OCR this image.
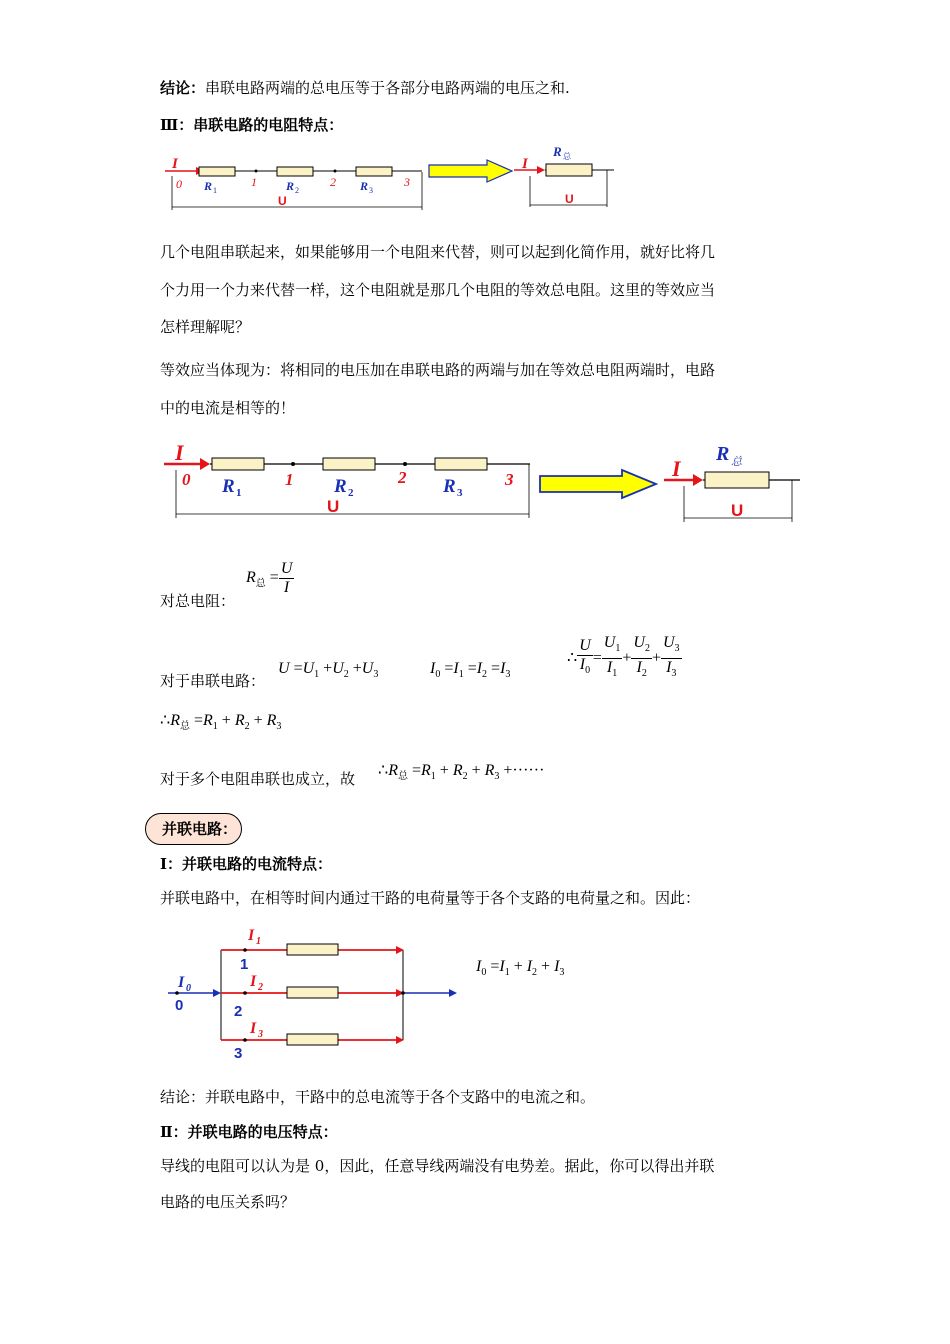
结论：串联电路两端的总电压等于各部分电路两端的电压之和.
Ⅲ：串联电路的电阻特点：
I
0 R 1
1 R 2
2 R 3
3
U
I
R 总
U
I
0 R 1
1 R 2
2 R 3
3
U
I
R 总
U
I 0
0
I 1
1
I 2
2
I 3
3
几个电阻串联起来，如果能够用一个电阻来代替，则可以起到化简作用，就好比将几
个力用一个力来代替一样，这个电阻就是那几个电阻的等效总电阻。这里的等效应当
怎样理解呢？
等效应当体现为：将相同的电压加在串联电路的两端与加在等效总电阻两端时，电路
中的电流是相等的！
对总电阻：
$R_总 = \frac{U}{I}$
对于串联电路：
$U =U_1 +U_2 +U_3$	$I_0 =I_1 =I_2 =I_3$
∴ $\frac{U}{I_0} = \frac{U_1}{I_1} + \frac{U_2}{I_2} + \frac{U_3}{I_3}$
$\therefore R_总 =R_1 + R_2 + R_3$
对于多个电阻串联也成立，故 $\therefore R_总 =R_1 + R_2 + R_3$ +······
并联电路：
Ⅰ：并联电路的电流特点：
并联电路中，在相等时间内通过干路的电荷量等于各个支路的电荷量之和。因此：
$I_0 =I_1 + I_2 + I_3$
结论：并联电路中，干路中的总电流等于各个支路中的电流之和。
Ⅱ：并联电路的电压特点：
导线的电阻可以认为是 0，因此，任意导线两端没有电势差。据此，你可以得出并联
电路的电压关系吗？
